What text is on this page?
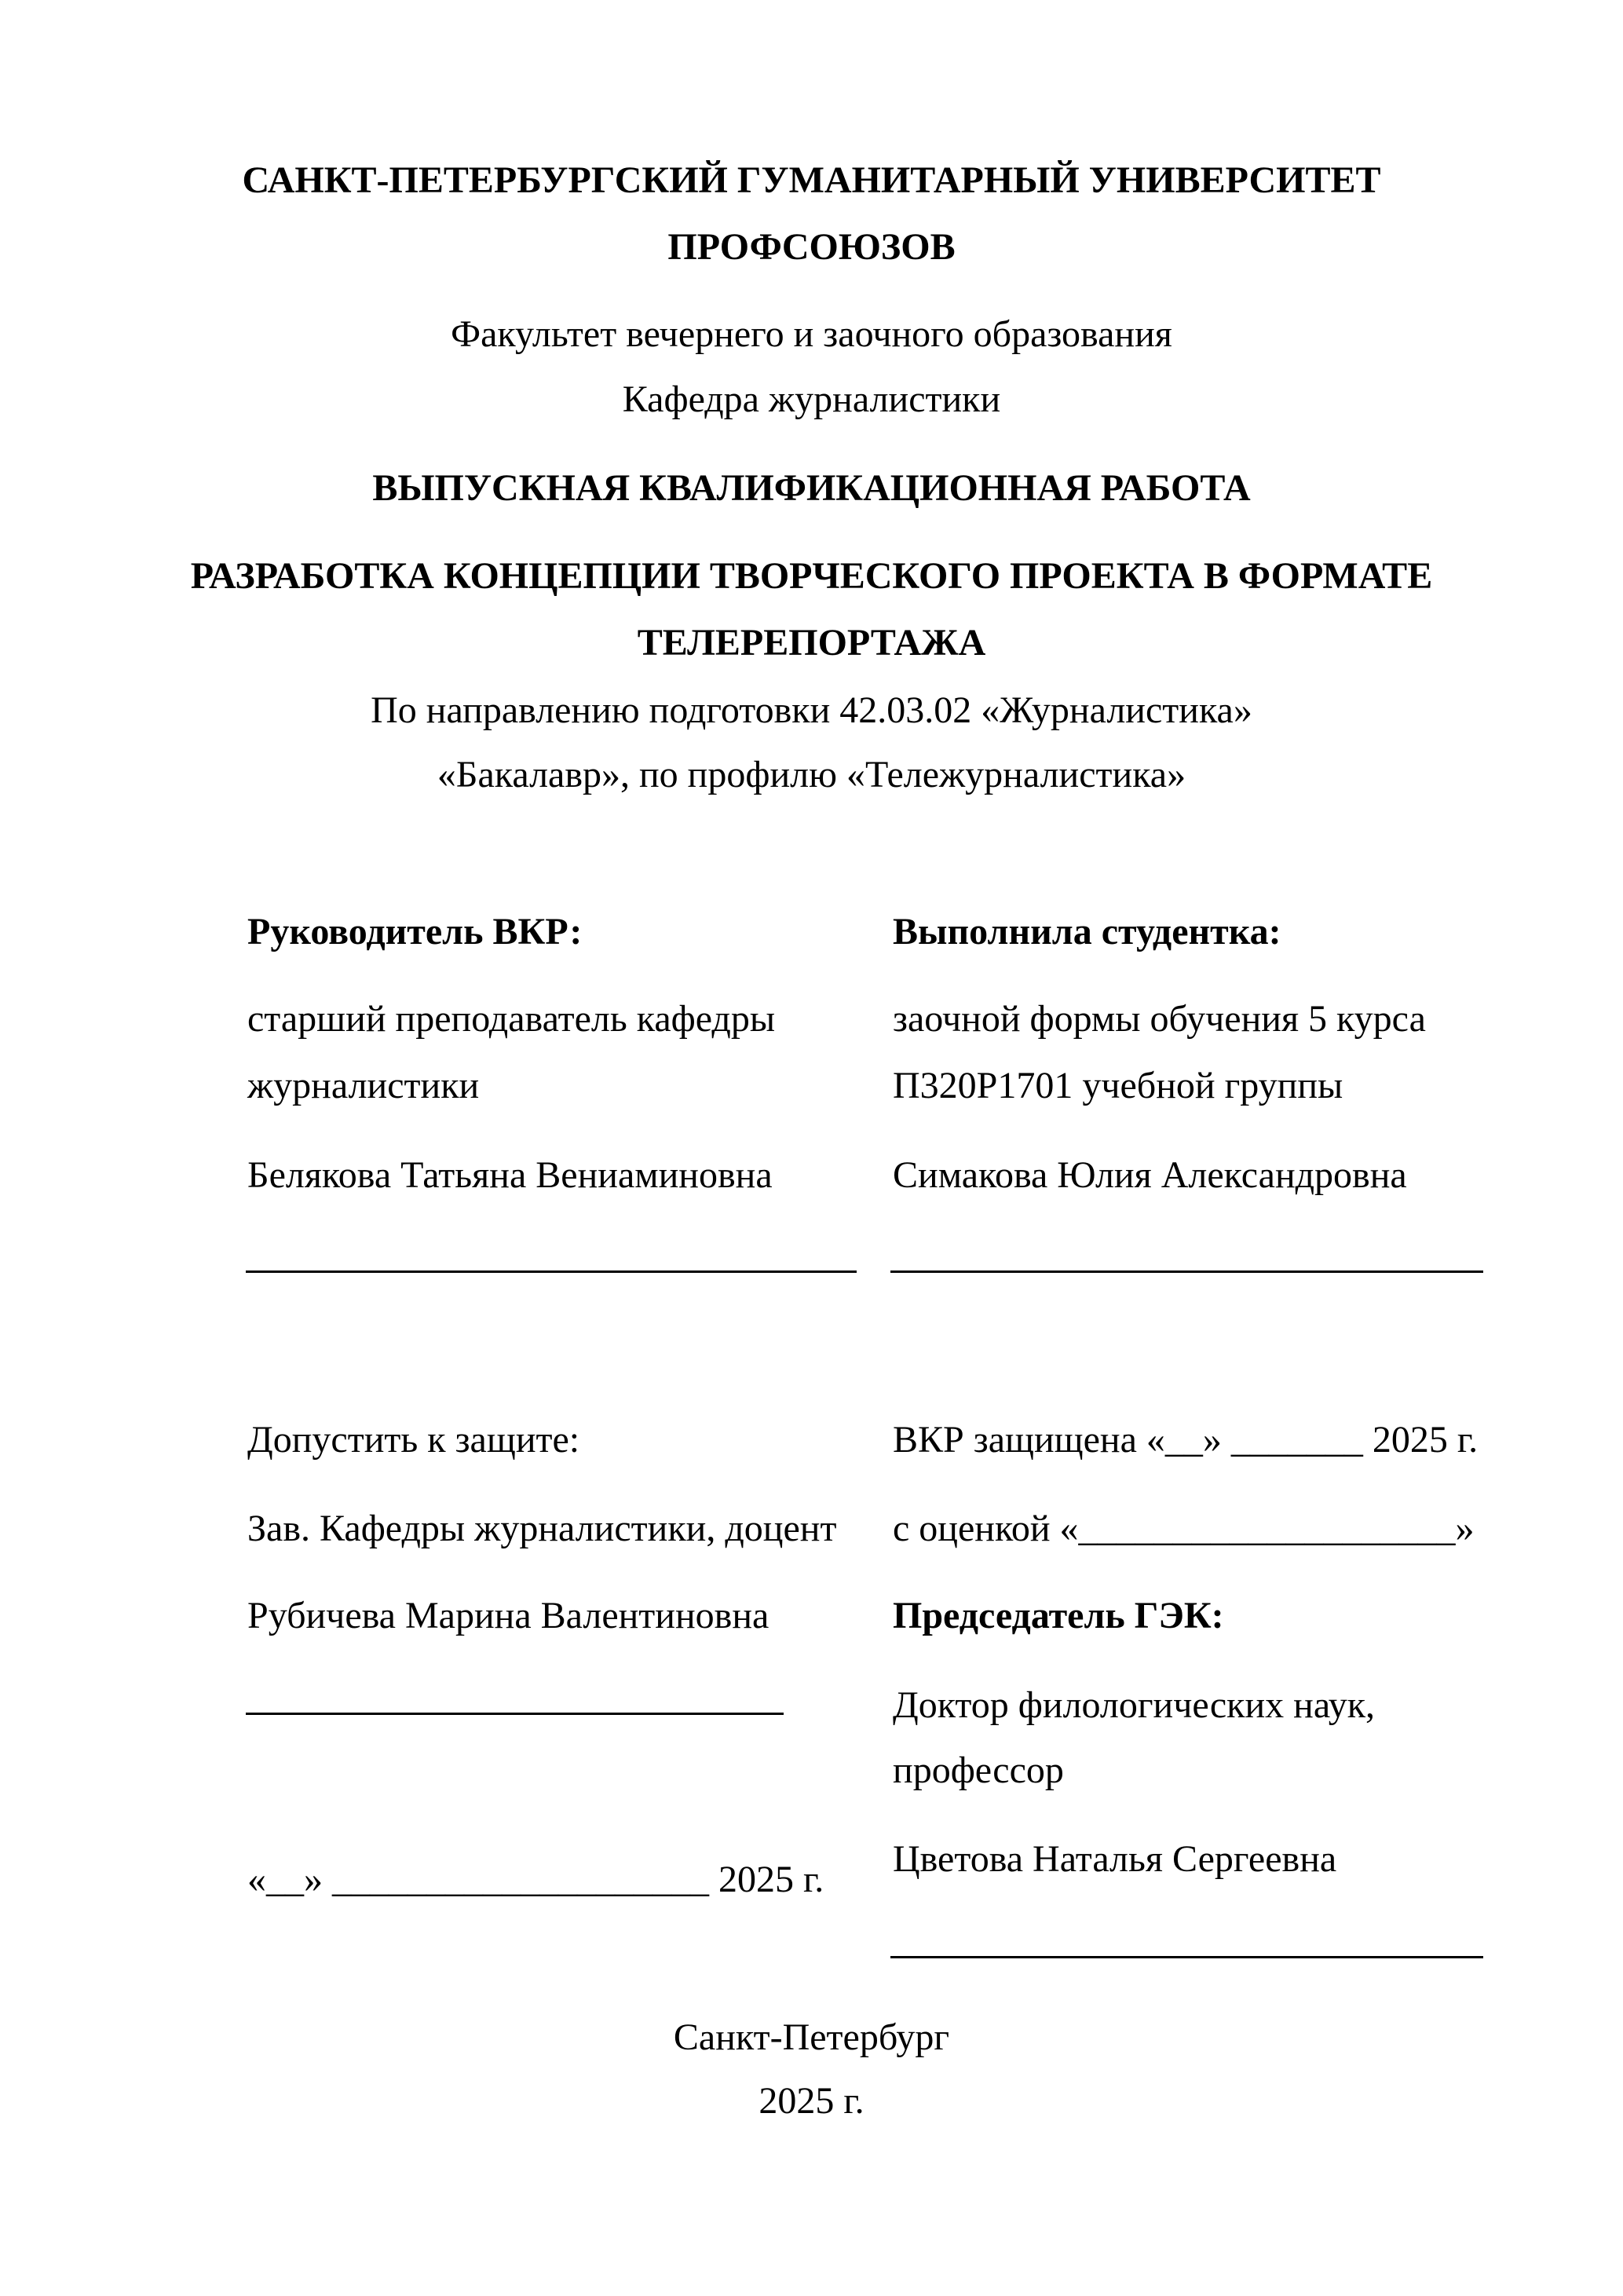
САНКТ-ПЕТЕРБУРГСКИЙ ГУМАНИТАРНЫЙ УНИВЕРСИТЕТ
ПРОФСОЮЗОВ
Факультет вечернего и заочного образования
Кафедра журналистики
ВЫПУСКНАЯ КВАЛИФИКАЦИОННАЯ РАБОТА
РАЗРАБОТКА КОНЦЕПЦИИ ТВОРЧЕСКОГО ПРОЕКТА В ФОРМАТЕ
ТЕЛЕРЕПОРТАЖА
По направлению подготовки 42.03.02 «Журналистика»
«Бакалавр», по профилю «Тележурналистика»
Руководитель ВКР:
старший преподаватель кафедры
журналистики
Белякова Татьяна Вениаминовна
Выполнила студентка:
заочной формы обучения 5 курса
П320Р1701 учебной группы
Симакова Юлия Александровна
Допустить к защите:
Зав. Кафедры журналистики, доцент
Рубичева Марина Валентиновна
«__» ____________________ 2025 г.
ВКР защищена «__» _______ 2025 г.
с оценкой «____________________»
Председатель ГЭК:
Доктор филологических наук,
профессор
Цветова Наталья Сергеевна
Санкт-Петербург
2025 г.
